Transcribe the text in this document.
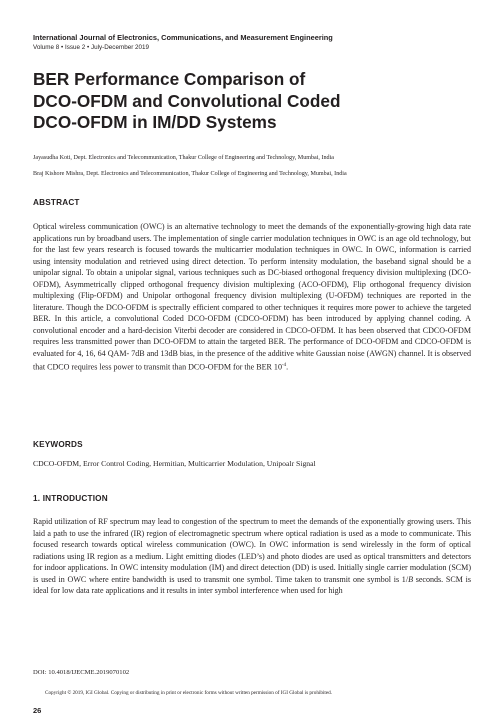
International Journal of Electronics, Communications, and Measurement Engineering
Volume 8 • Issue 2 • July-December 2019
BER Performance Comparison of
DCO-OFDM and Convolutional Coded
DCO-OFDM in IM/DD Systems
Jayasudha Koti, Dept. Electronics and Telecommunication, Thakur College of Engineering and Technology, Mumbai, India
Braj Kishore Mishra, Dept. Electronics and Telecommunication, Thakur College of Engineering and Technology, Mumbai, India
ABSTRACT

Optical wireless communication (OWC) is an alternative technology to meet the demands of the exponentially-growing high data rate applications run by broadband users. The implementation of single carrier modulation techniques in OWC is an age old technology, but for the last few years research is focused towards the multicarrier modulation techniques in OWC. In OWC, information is carried using intensity modulation and retrieved using direct detection. To perform intensity modulation, the baseband signal should be a unipolar signal. To obtain a unipolar signal, various techniques such as DC-biased orthogonal frequency division multiplexing (DCO-OFDM), Asymmetrically clipped orthogonal frequency division multiplexing (ACO-OFDM), Flip orthogonal frequency division multiplexing (Flip-OFDM) and Unipolar orthogonal frequency division multiplexing (U-OFDM) techniques are reported in the literature. Though the DCO-OFDM is spectrally efficient compared to other techniques it requires more power to achieve the targeted BER. In this article, a convolutional Coded DCO-OFDM (CDCO-OFDM) has been introduced by applying channel coding. A convolutional encoder and a hard-decision Viterbi decoder are considered in CDCO-OFDM. It has been observed that CDCO-OFDM requires less transmitted power than DCO-OFDM to attain the targeted BER. The performance of DCO-OFDM and CDCO-OFDM is evaluated for 4, 16, 64 QAM- 7dB and 13dB bias, in the presence of the additive white Gaussian noise (AWGN) channel. It is observed that CDCO requires less power to transmit than DCO-OFDM for the BER $10^{-4}$.

KEYWORDS

CDCO-OFDM, Error Control Coding, Hermitian, Multicarrier Modulation, Unipoalr Signal

1. INTRODUCTION

Rapid utilization of RF spectrum may lead to congestion of the spectrum to meet the demands of the exponentially growing users. This laid a path to use the infrared (IR) region of electromagnetic spectrum where optical radiation is used as a mode to communicate. This focused research towards optical wireless communication (OWC). In OWC information is send wirelessly in the form of optical radiations using IR region as a medium. Light emitting diodes (LED’s) and photo diodes are used as optical transmitters and detectors for indoor applications. In OWC intensity modulation (IM) and direct detection (DD) is used. Initially single carrier modulation (SCM) is used in OWC where entire bandwidth is used to transmit one symbol. Time taken to transmit one symbol is 1/B seconds. SCM is ideal for low data rate applications and it results in inter symbol interference when used for high

DOI: 10.4018/IJECME.2019070102
Copyright © 2019, IGI Global. Copying or distributing in print or electronic forms without written permission of IGI Global is prohibited.
26
